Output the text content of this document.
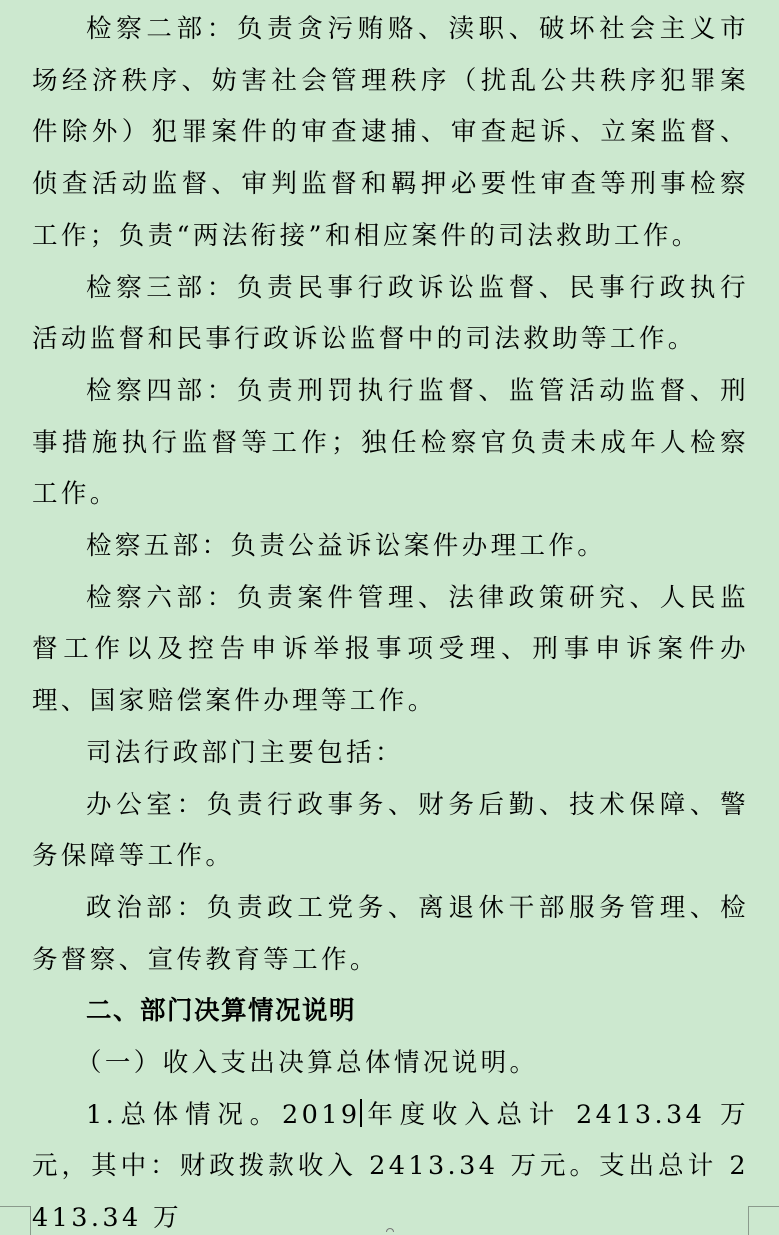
检察二部：负责贪污贿赂、渎职、破坏社会主义市场经济秩序、妨害社会管理秩序（扰乱公共秩序犯罪案件除外）犯罪案件的审查逮捕、审查起诉、立案监督、侦查活动监督、审判监督和羁押必要性审查等刑事检察工作；负责“两法衔接”和相应案件的司法救助工作。

检察三部：负责民事行政诉讼监督、民事行政执行活动监督和民事行政诉讼监督中的司法救助等工作。

检察四部：负责刑罚执行监督、监管活动监督、刑事措施执行监督等工作；独任检察官负责未成年人检察工作。

检察五部：负责公益诉讼案件办理工作。

检察六部：负责案件管理、法律政策研究、人民监督工作以及控告申诉举报事项受理、刑事申诉案件办理、国家赔偿案件办理等工作。

司法行政部门主要包括：

办公室：负责行政事务、财务后勤、技术保障、警务保障等工作。

政治部：负责政工党务、离退休干部服务管理、检务督察、宣传教育等工作。

二、部门决算情况说明

（一）收入支出决算总体情况说明。

1.总体情况。2019 年度收入总计 2413.34 万元，其中：财政拨款收入 2413.34 万元。支出总计 2413.34 万
